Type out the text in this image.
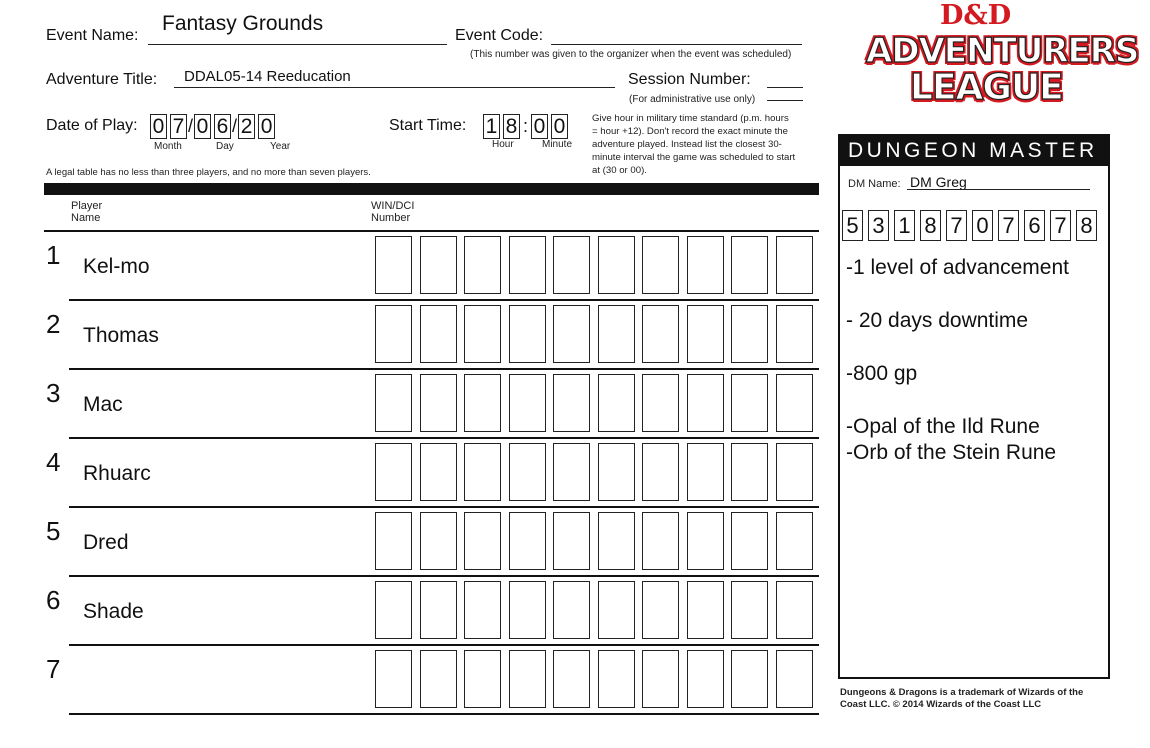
Event Name:
Fantasy Grounds
Event Code:
(This number was given to the organizer when the event was scheduled)
Adventure Title: DDAL05-14 Reeducation	Session Number:
(For administrative use only)
Date of Play: 0 7 / 0 6 / 2 0
Month	Day	Year
Start Time: 1 8 : 0 0
Hour	Minute
Give hour in military time standard (p.m. hours
= hour +12). Don't record the exact minute the
adventure played. Instead list the closest 30-
minute interval the game was scheduled to start
at (30 or 00).
A legal table has no less than three players, and no more than seven players.
Player
Name
WIN/DCI
Number
1 Kel-mo
2 Thomas
3 Mac
4 Rhuarc
5 Dred
6 Shade
7
D&D
ADVENTURERS
LEAGUE
DUNGEON MASTER
DM Name: DM Greg
5 3 1 8 7 0 7 6 7 8
-1 level of advancement
- 20 days downtime
-800 gp
-Opal of the Ild Rune
-Orb of the Stein Rune
Dungeons & Dragons is a trademark of Wizards of the
Coast LLC. © 2014 Wizards of the Coast LLC
